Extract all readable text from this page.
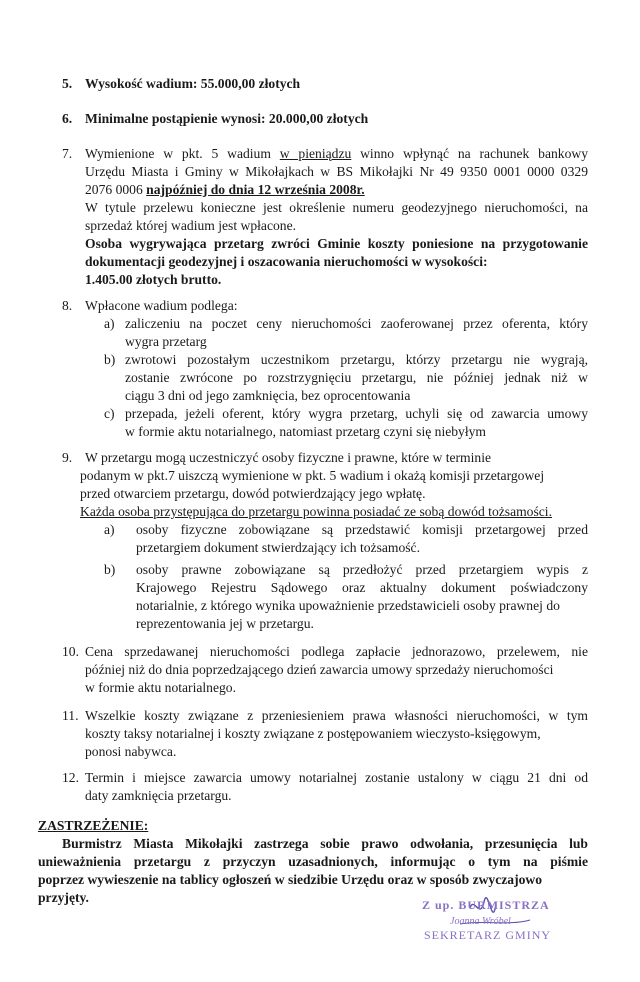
5. Wysokość wadium: 55.000,00 złotych
6. Minimalne postąpienie wynosi: 20.000,00 złotych
7. Wymienione w pkt. 5 wadium w pieniądzu winno wpłynąć na rachunek bankowy
Urzędu Miasta i Gminy w Mikołajkach w BS Mikołajki Nr 49 9350 0001 0000 0329
2076 0006 najpóźniej do dnia 12 września 2008r.
W tytule przelewu konieczne jest określenie numeru geodezyjnego nieruchomości, na
sprzedaż której wadium jest wpłacone.
Osoba wygrywająca przetarg zwróci Gminie koszty poniesione na przygotowanie
dokumentacji geodezyjnej i oszacowania nieruchomości w wysokości:
1.405.00 złotych brutto.
8. Wpłacone wadium podlega:
a) zaliczeniu na poczet ceny nieruchomości zaoferowanej przez oferenta, który
wygra przetarg
b) zwrotowi pozostałym uczestnikom przetargu, którzy przetargu nie wygrają,
zostanie zwrócone po rozstrzygnięciu przetargu, nie później jednak niż w
ciągu 3 dni od jego zamknięcia, bez oprocentowania
c) przepada, jeżeli oferent, który wygra przetarg, uchyli się od zawarcia umowy
w formie aktu notarialnego, natomiast przetarg czyni się niebyłym
9. W przetargu mogą uczestniczyć osoby fizyczne i prawne, które w terminie
podanym w pkt.7 uiszczą wymienione w pkt. 5 wadium i okażą komisji przetargowej
przed otwarciem przetargu, dowód potwierdzający jego wpłatę.
Każda osoba przystępująca do przetargu powinna posiadać ze sobą dowód tożsamości.
a) osoby fizyczne zobowiązane są przedstawić komisji przetargowej przed
przetargiem dokument stwierdzający ich tożsamość.
b) osoby prawne zobowiązane są przedłożyć przed przetargiem wypis z
Krajowego Rejestru Sądowego oraz aktualny dokument poświadczony
notarialnie, z którego wynika upoważnienie przedstawicieli osoby prawnej do
reprezentowania jej w przetargu.
10. Cena sprzedawanej nieruchomości podlega zapłacie jednorazowo, przelewem, nie
później niż do dnia poprzedzającego dzień zawarcia umowy sprzedaży nieruchomości
w formie aktu notarialnego.
11. Wszelkie koszty związane z przeniesieniem prawa własności nieruchomości, w tym
koszty taksy notarialnej i koszty związane z postępowaniem wieczysto-księgowym,
ponosi nabywca.
12. Termin i miejsce zawarcia umowy notarialnej zostanie ustalony w ciągu 21 dni od
daty zamknięcia przetargu.
ZASTRZEŻENIE:
Burmistrz Miasta Mikołajki zastrzega sobie prawo odwołania, przesunięcia lub
unieważnienia przetargu z przyczyn uzasadnionych, informując o tym na piśmie
poprzez wywieszenie na tablicy ogłoszeń w siedzibie Urzędu oraz w sposób zwyczajowo
przyjęty.	Z up. BURMISTRZA
Joanna Wróbel
SEKRETARZ GMINY
